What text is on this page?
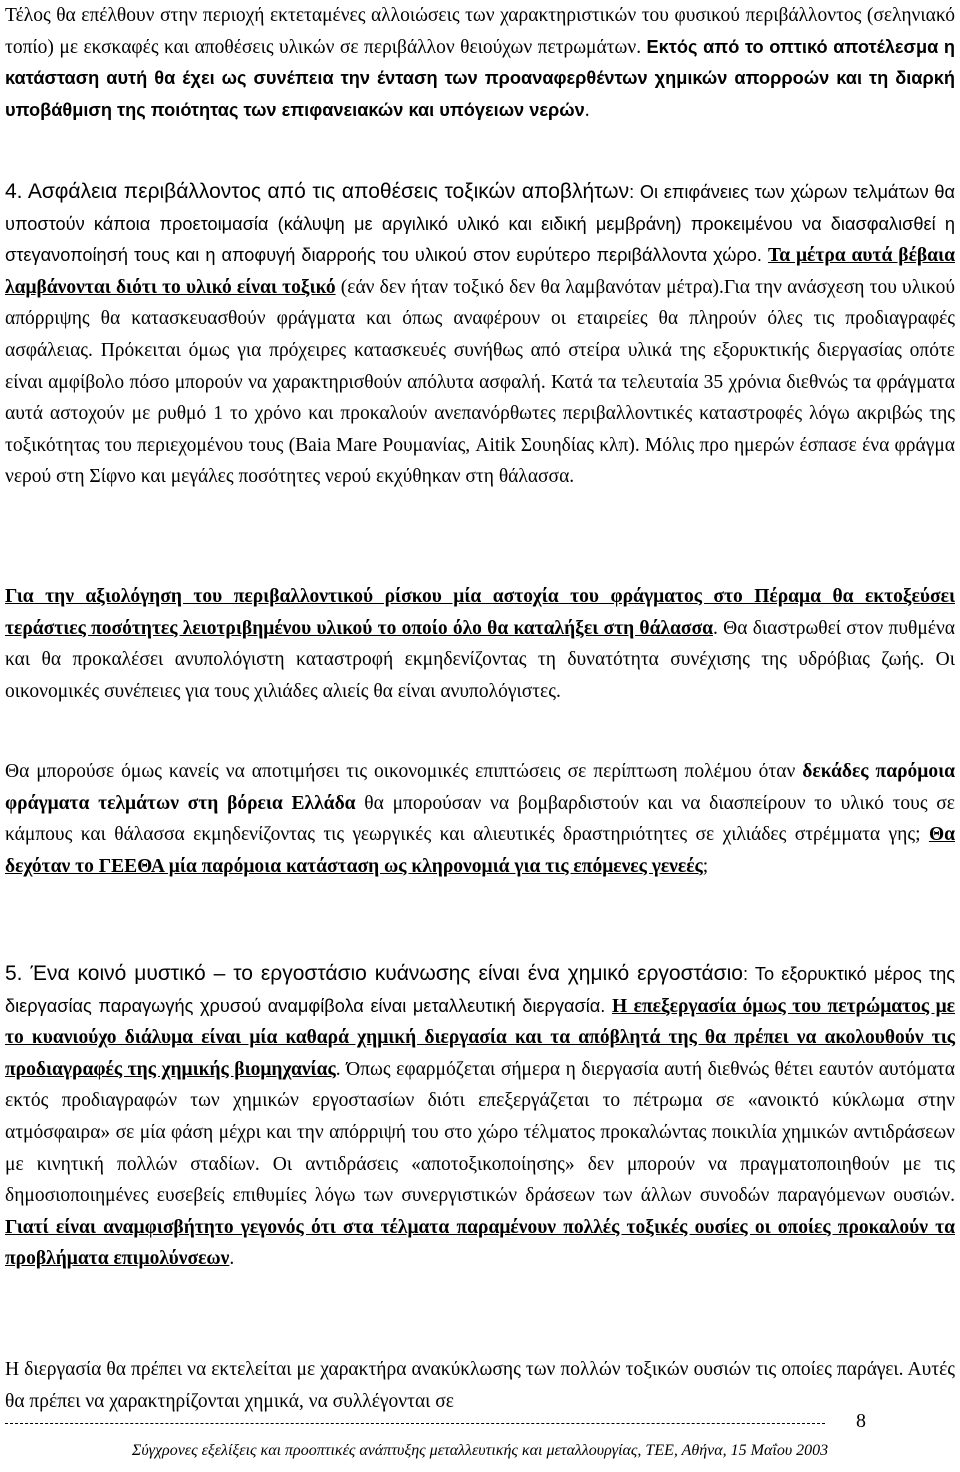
Τέλος θα επέλθουν στην περιοχή εκτεταμένες αλλοιώσεις των χαρακτηριστικών του φυσικού περιβάλλοντος (σεληνιακό τοπίο) με εκσκαφές και αποθέσεις υλικών σε περιβάλλον θειούχων πετρωμάτων. Εκτός από το οπτικό αποτέλεσμα η κατάσταση αυτή θα έχει ως συνέπεια την ένταση των προαναφερθέντων χημικών απορροών και τη διαρκή υποβάθμιση της ποιότητας των επιφανειακών και υπόγειων νερών.

4. Ασφάλεια περιβάλλοντος από τις αποθέσεις τοξικών αποβλήτων: Οι επιφάνειες των χώρων τελμάτων θα υποστούν κάποια προετοιμασία (κάλυψη με αργιλικό υλικό και ειδική μεμβράνη) προκειμένου να διασφαλισθεί η στεγανοποίησή τους και η αποφυγή διαρροής του υλικού στον ευρύτερο περιβάλλοντα χώρο. Τα μέτρα αυτά βέβαια λαμβάνονται διότι το υλικό είναι τοξικό (εάν δεν ήταν τοξικό δεν θα λαμβανόταν μέτρα).Για την ανάσχεση του υλικού απόρριψης θα κατασκευασθούν φράγματα και όπως αναφέρουν οι εταιρείες θα πληρούν όλες τις προδιαγραφές ασφάλειας. Πρόκειται όμως για πρόχειρες κατασκευές συνήθως από στείρα υλικά της εξορυκτικής διεργασίας οπότε είναι αμφίβολο πόσο μπορούν να χαρακτηρισθούν απόλυτα ασφαλή. Κατά τα τελευταία 35 χρόνια διεθνώς τα φράγματα αυτά αστοχούν με ρυθμό 1 το χρόνο και προκαλούν ανεπανόρθωτες περιβαλλοντικές καταστροφές λόγω ακριβώς της τοξικότητας του περιεχομένου τους (Baia Mare Ρουμανίας, Aitik Σουηδίας κλπ). Μόλις προ ημερών έσπασε ένα φράγμα νερού στη Σίφνο και μεγάλες ποσότητες νερού εκχύθηκαν στη θάλασσα.

Για την αξιολόγηση του περιβαλλοντικού ρίσκου μία αστοχία του φράγματος στο Πέραμα θα εκτοξεύσει τεράστιες ποσότητες λειοτριβημένου υλικού το οποίο όλο θα καταλήξει στη θάλασσα. Θα διαστρωθεί στον πυθμένα και θα προκαλέσει ανυπολόγιστη καταστροφή εκμηδενίζοντας τη δυνατότητα συνέχισης της υδρόβιας ζωής. Οι οικονομικές συνέπειες για τους χιλιάδες αλιείς θα είναι ανυπολόγιστες.

Θα μπορούσε όμως κανείς να αποτιμήσει τις οικονομικές επιπτώσεις σε περίπτωση πολέμου όταν δεκάδες παρόμοια φράγματα τελμάτων στη βόρεια Ελλάδα θα μπορούσαν να βομβαρδιστούν και να διασπείρουν το υλικό τους σε κάμπους και θάλασσα εκμηδενίζοντας τις γεωργικές και αλιευτικές δραστηριότητες σε χιλιάδες στρέμματα γης; Θα δεχόταν το ΓΕΕΘΑ μία παρόμοια κατάσταση ως κληρονομιά για τις επόμενες γενεές;

5. Ένα κοινό μυστικό – το εργοστάσιο κυάνωσης είναι ένα χημικό εργοστάσιο: Το εξορυκτικό μέρος της διεργασίας παραγωγής χρυσού αναμφίβολα είναι μεταλλευτική διεργασία. Η επεξεργασία όμως του πετρώματος με το κυανιούχο διάλυμα είναι μία καθαρά χημική διεργασία και τα απόβλητά της θα πρέπει να ακολουθούν τις προδιαγραφές της χημικής βιομηχανίας. Όπως εφαρμόζεται σήμερα η διεργασία αυτή διεθνώς θέτει εαυτόν αυτόματα εκτός προδιαγραφών των χημικών εργοστασίων διότι επεξεργάζεται το πέτρωμα σε «ανοικτό κύκλωμα στην ατμόσφαιρα» σε μία φάση μέχρι και την απόρριψή του στο χώρο τέλματος προκαλώντας ποικιλία χημικών αντιδράσεων με κινητική πολλών σταδίων. Οι αντιδράσεις «αποτοξικοποίησης» δεν μπορούν να πραγματοποιηθούν με τις δημοσιοποιημένες ευσεβείς επιθυμίες λόγω των συνεργιστικών δράσεων των άλλων συνοδών παραγόμενων ουσιών. Γιατί είναι αναμφισβήτητο γεγονός ότι στα τέλματα παραμένουν πολλές τοξικές ουσίες οι οποίες προκαλούν τα προβλήματα επιμολύνσεων.

Η διεργασία θα πρέπει να εκτελείται με χαρακτήρα ανακύκλωσης των πολλών τοξικών ουσιών τις οποίες παράγει. Αυτές θα πρέπει να χαρακτηρίζονται χημικά, να συλλέγονται σε

8
Σύγχρονες εξελίξεις και προοπτικές ανάπτυξης μεταλλευτικής και μεταλλουργίας, ΤΕΕ, Αθήνα, 15 Μαΐου 2003
